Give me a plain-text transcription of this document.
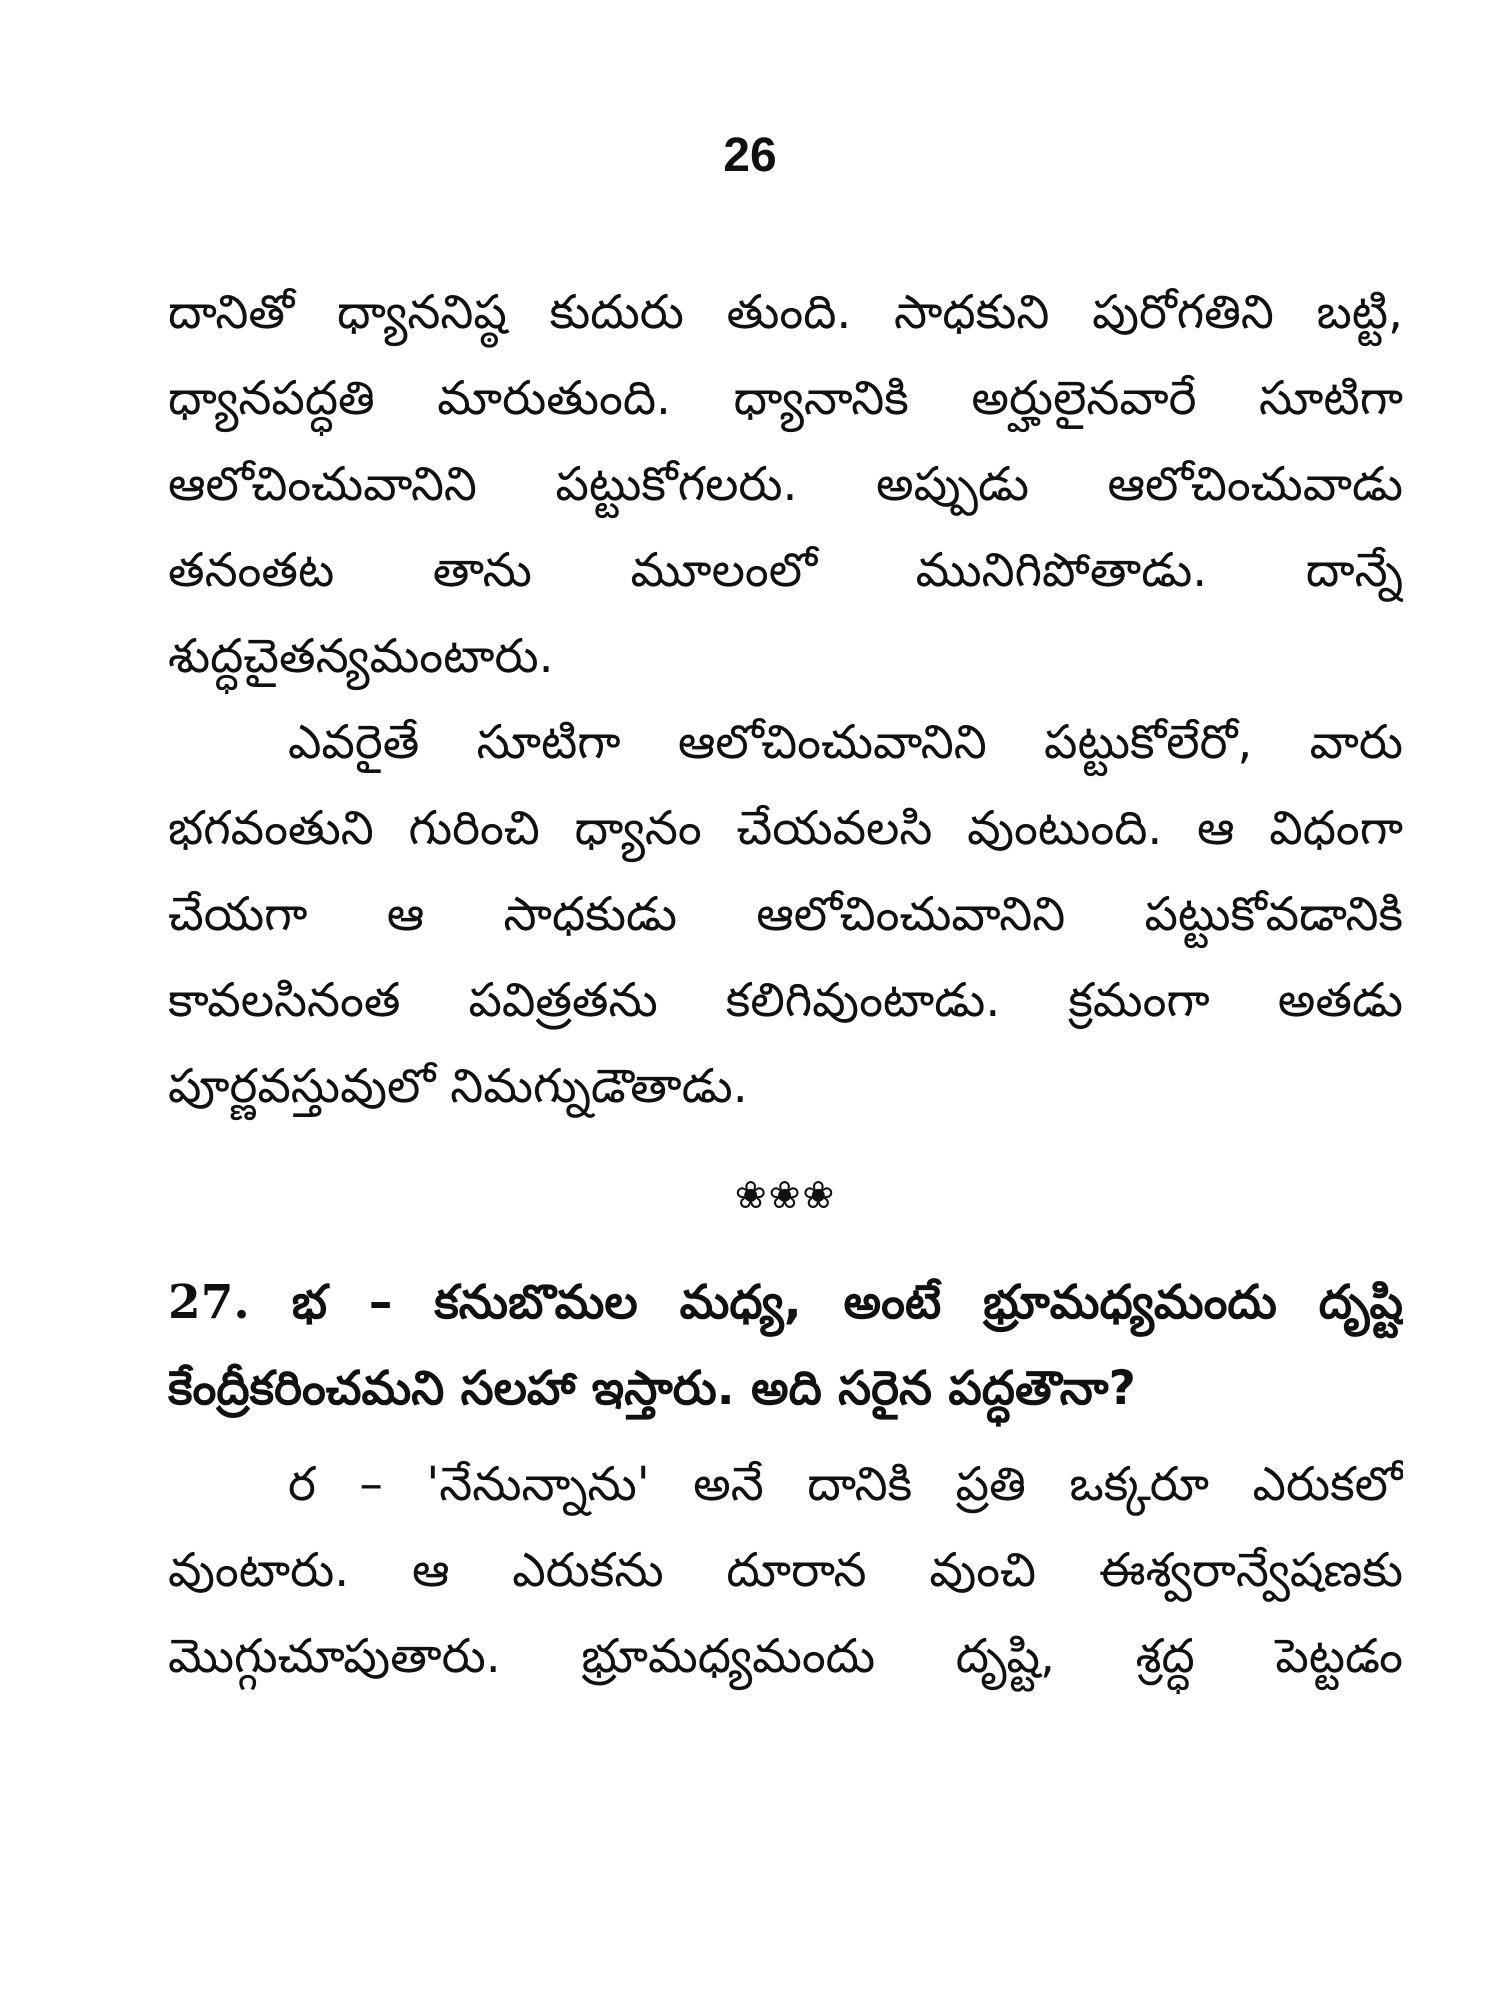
26
దానితో ధ్యాననిష్ఠ కుదురు తుంది. సాధకుని పురోగతిని బట్టి,
ధ్యానపద్ధతి మారుతుంది. ధ్యానానికి అర్హులైనవారే సూటిగా
ఆలోచించువానిని పట్టుకోగలరు. అప్పుడు ఆలోచించువాడు
తనంతట తాను మూలంలో మునిగిపోతాడు. దాన్నే
శుద్ధచైతన్యమంటారు.
ఎవరైతే సూటిగా ఆలోచించువానిని పట్టుకోలేరో, వారు
భగవంతుని గురించి ధ్యానం చేయవలసి వుంటుంది. ఆ విధంగా
చేయగా ఆ సాధకుడు ఆలోచించువానిని పట్టుకోవడానికి
కావలసినంత పవిత్రతను కలిగివుంటాడు. క్రమంగా అతడు
పూర్ణవస్తువులో నిమగ్నుడౌతాడు.
❀❀❀
27. భ – కనుబొమల మధ్య, అంటే భ్రూమధ్యమందు దృష్టి
కేంద్రీకరించమని సలహా ఇస్తారు. అది సరైన పద్ధతౌనా?
ర – 'నేనున్నాను' అనే దానికి ప్రతి ఒక్కరూ ఎరుకలో
వుంటారు. ఆ ఎరుకను దూరాన వుంచి ఈశ్వరాన్వేషణకు
మొగ్గుచూపుతారు. భ్రూమధ్యమందు దృష్టి, శ్రద్ధ పెట్టడం
